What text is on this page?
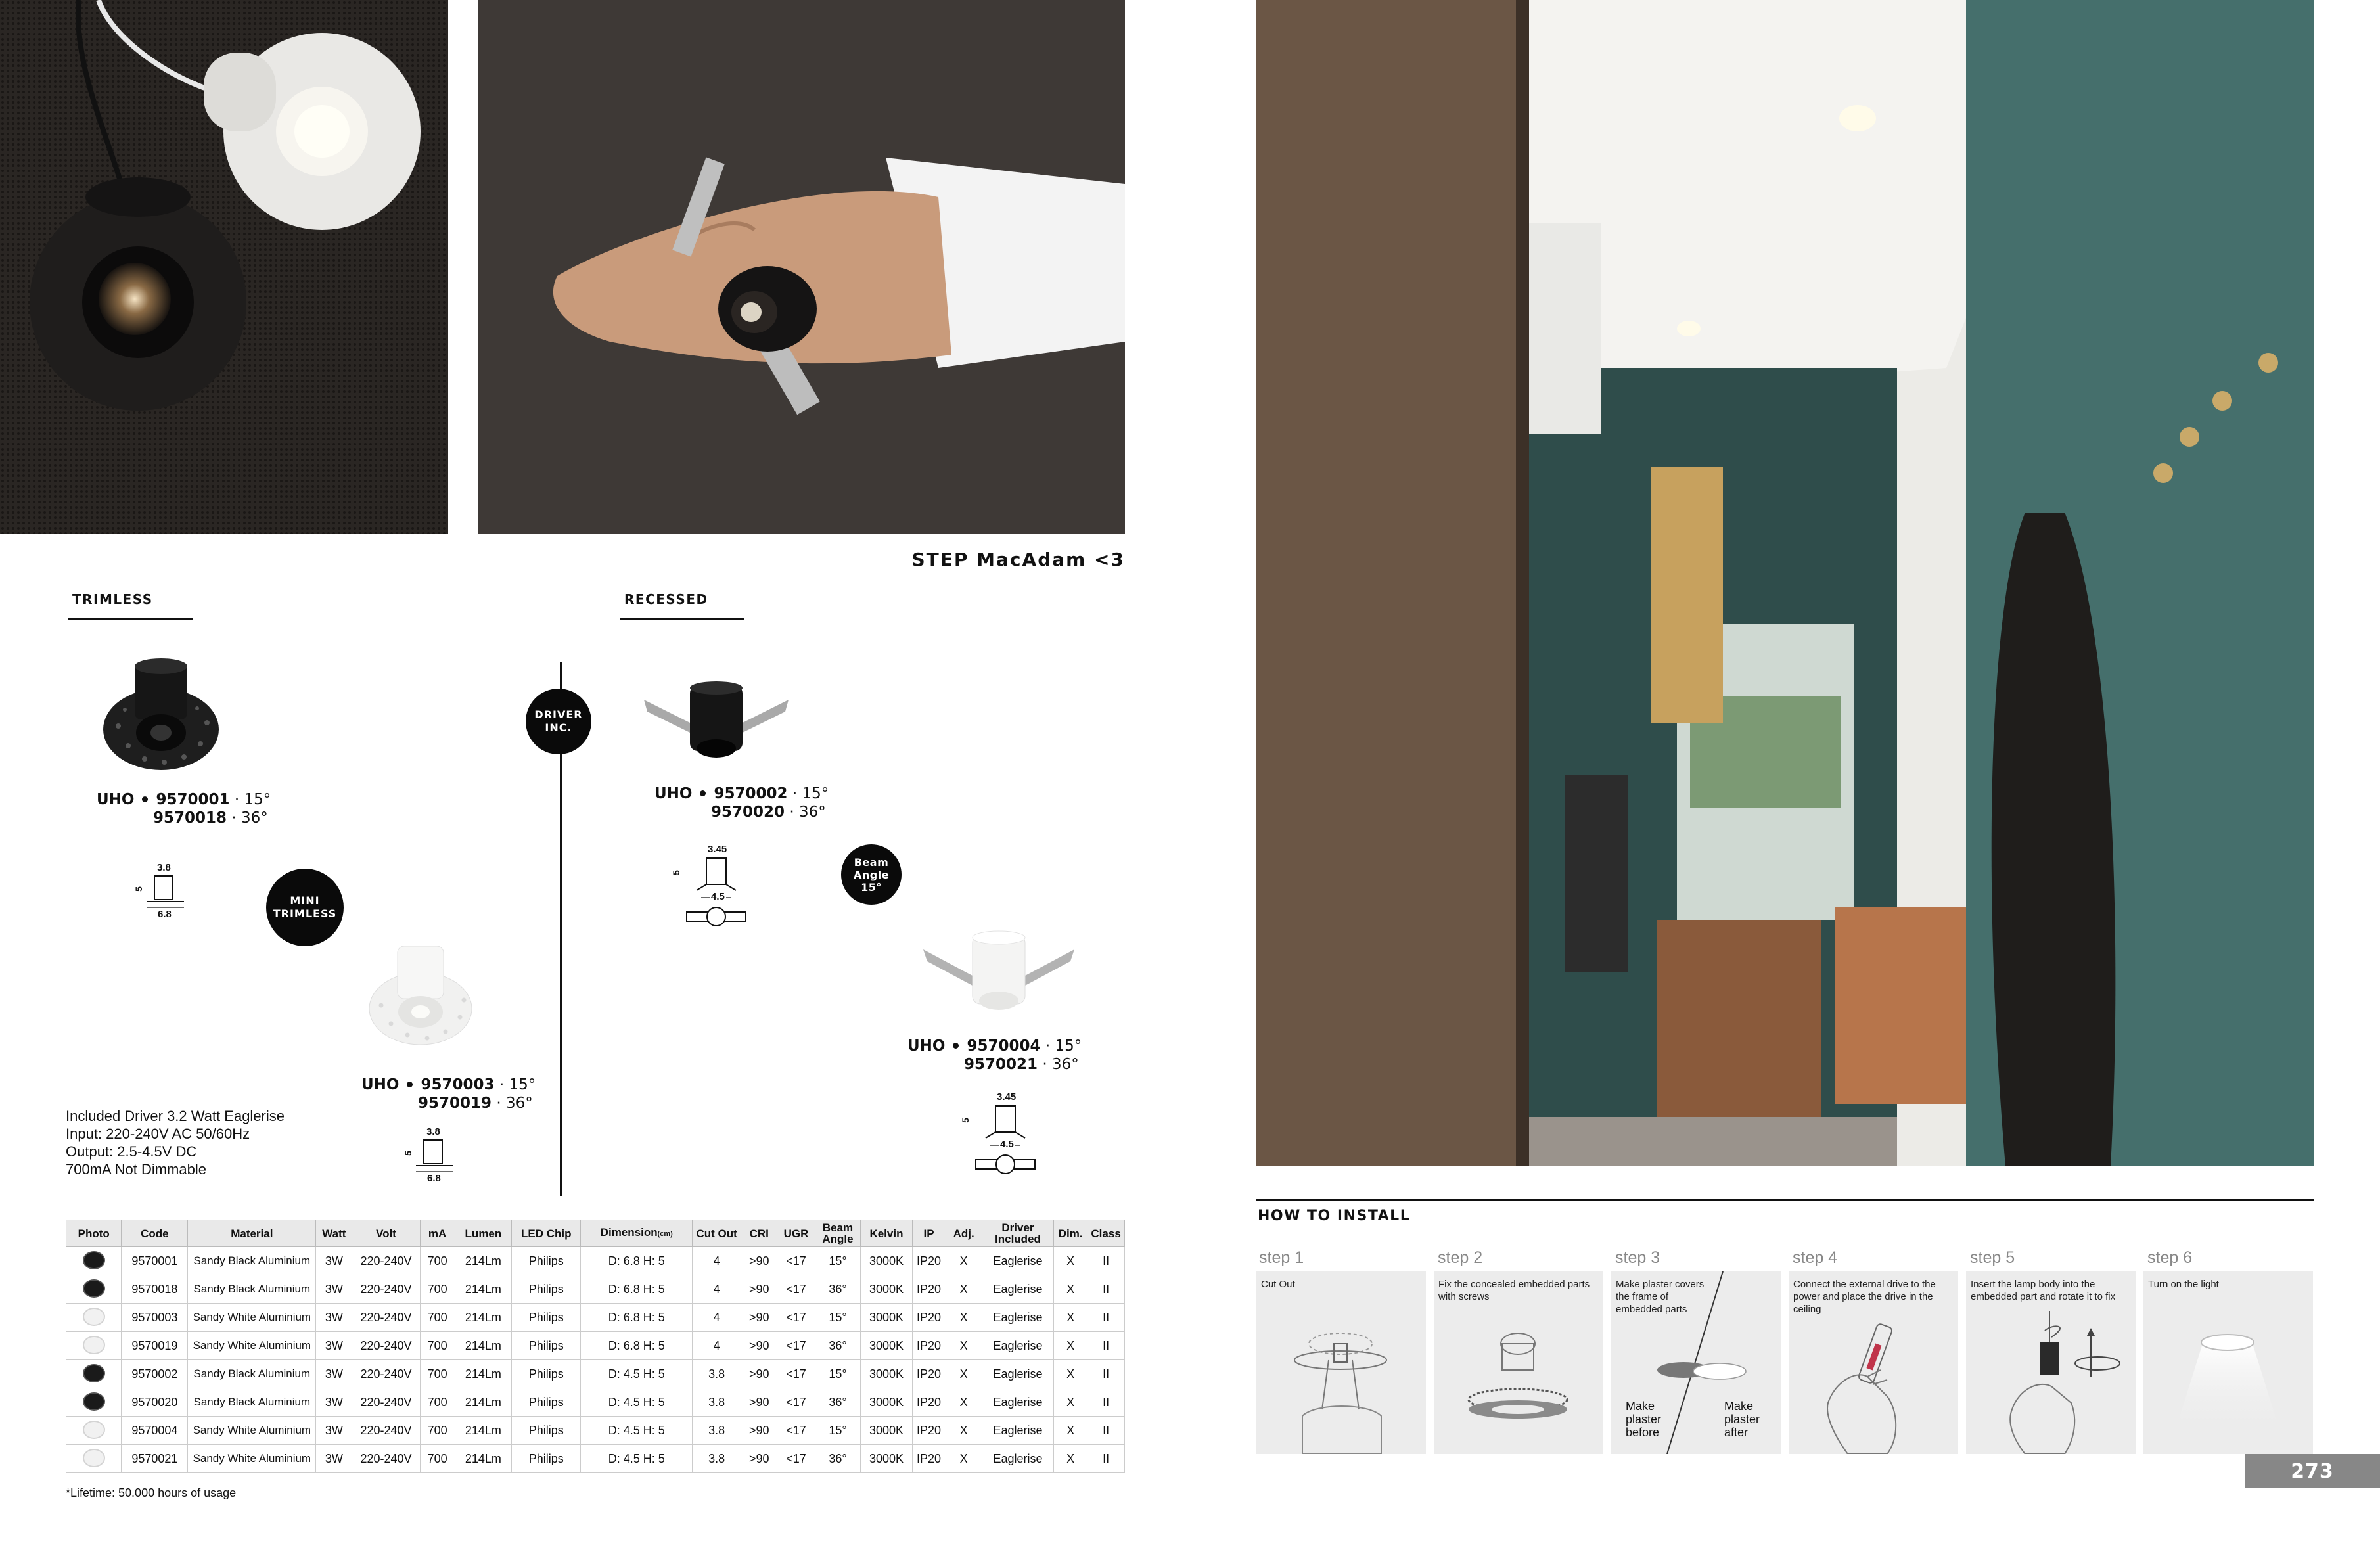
STEP MacAdam <3
TRIMLESS	RECESSED
DRIVER
INC.
MINI
TRIMLESS
Beam
Angle
15°
UHO 9570001 · 15°
9570018 · 36°
UHO 9570003 · 15°
9570019 · 36°
UHO 9570002 · 15°
9570020 · 36°
UHO 9570004 · 15°
9570021 · 36°
3.8
6.8
5
3.8
6.8
5
3.45
4.5
5
3.45
4.5
5
Included Driver 3.2 Watt Eaglerise
Input: 220-240V AC 50/60Hz
Output: 2.5-4.5V DC
700mA Not Dimmable
Photo	Code	Material	Watt	Volt	mA	Lumen	LED Chip	Dimension(cm)	Cut Out	CRI	UGR	Beam Angle	Kelvin	IP	Adj.	Driver Included	Dim.	Class
	9570001	Sandy Black Aluminium	3W	220-240V	700	214Lm	Philips	D: 6.8 H: 5	4	>90	<17	15°	3000K	IP20	X	Eaglerise	X	II
	9570018	Sandy Black Aluminium	3W	220-240V	700	214Lm	Philips	D: 6.8 H: 5	4	>90	<17	36°	3000K	IP20	X	Eaglerise	X	II
	9570003	Sandy White Aluminium	3W	220-240V	700	214Lm	Philips	D: 6.8 H: 5	4	>90	<17	15°	3000K	IP20	X	Eaglerise	X	II
	9570019	Sandy White Aluminium	3W	220-240V	700	214Lm	Philips	D: 6.8 H: 5	4	>90	<17	36°	3000K	IP20	X	Eaglerise	X	II
	9570002	Sandy Black Aluminium	3W	220-240V	700	214Lm	Philips	D: 4.5 H: 5	3.8	>90	<17	15°	3000K	IP20	X	Eaglerise	X	II
	9570020	Sandy Black Aluminium	3W	220-240V	700	214Lm	Philips	D: 4.5 H: 5	3.8	>90	<17	36°	3000K	IP20	X	Eaglerise	X	II
	9570004	Sandy White Aluminium	3W	220-240V	700	214Lm	Philips	D: 4.5 H: 5	3.8	>90	<17	15°	3000K	IP20	X	Eaglerise	X	II
	9570021	Sandy White Aluminium	3W	220-240V	700	214Lm	Philips	D: 4.5 H: 5	3.8	>90	<17	36°	3000K	IP20	X	Eaglerise	X	II
*Lifetime: 50.000 hours of usage
HOW TO INSTALL
step 1	step 2	step 3	step 4	step 5	step 6
Cut Out	Fix the concealed embedded parts with screws
Make plaster covers the frame of embedded parts
Make plaster before
Make plaster after
Connect the external drive to the power and place the drive in the ceiling
Insert the lamp body into the embedded part and rotate it to fix
Turn on the light
273
